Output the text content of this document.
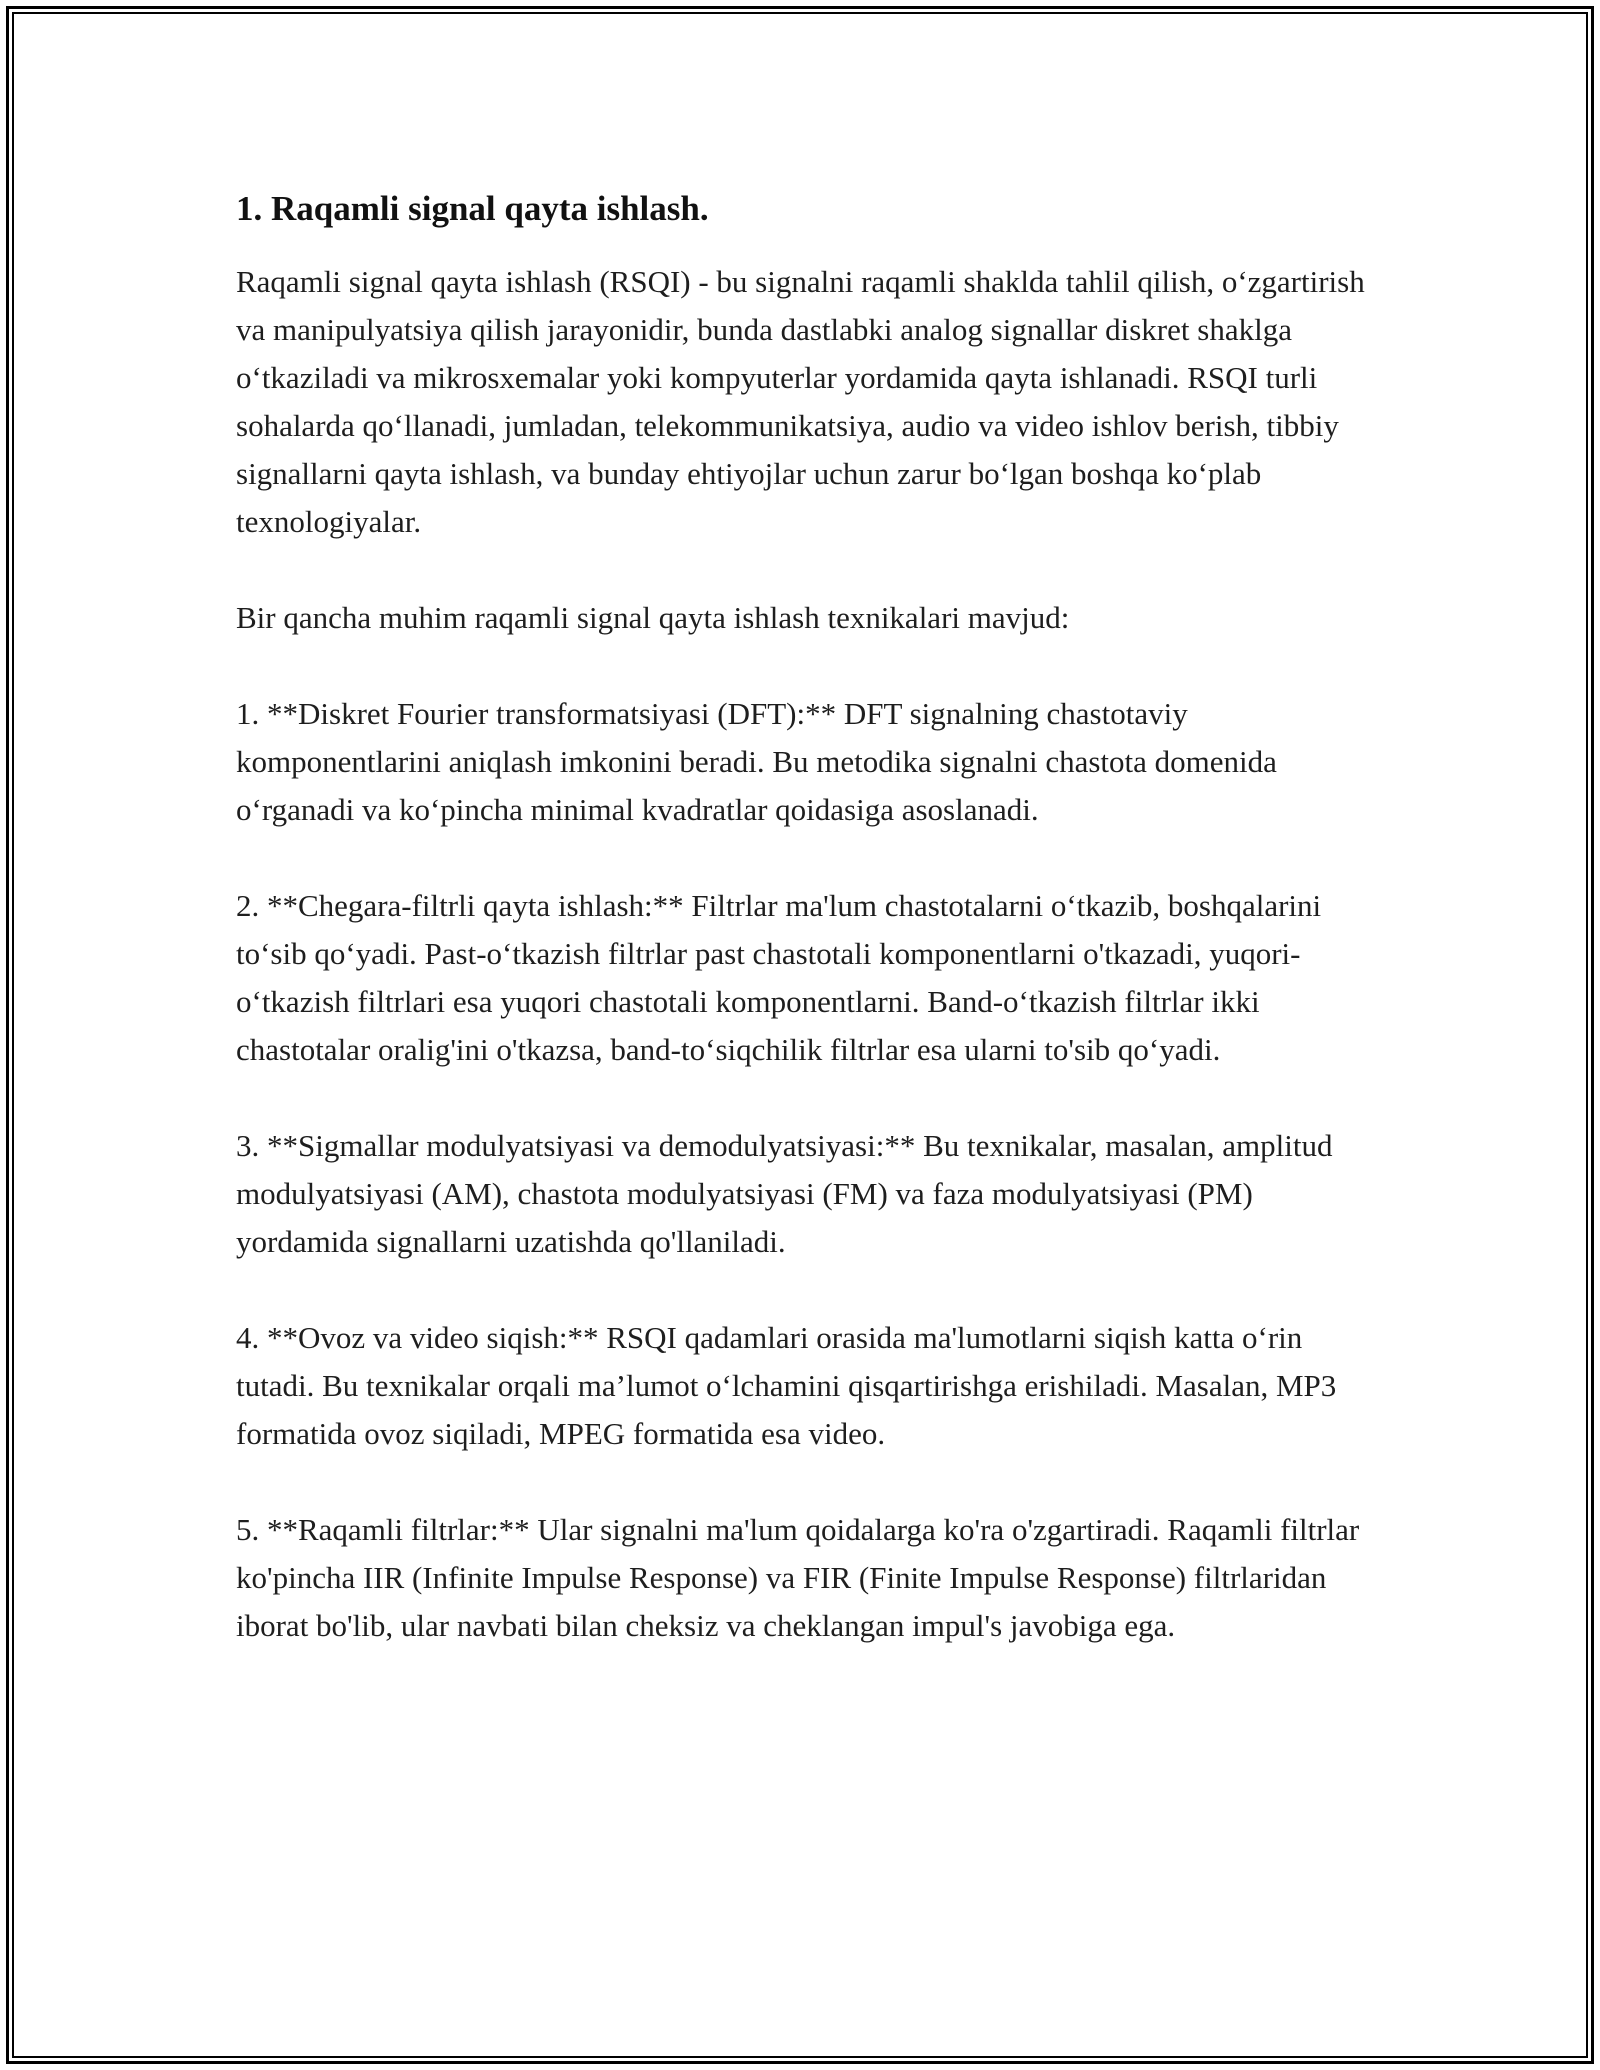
1. Raqamli signal qayta ishlash.

Raqamli signal qayta ishlash (RSQI) - bu signalni raqamli shaklda tahlil qilish, o‘zgartirish va manipulyatsiya qilish jarayonidir, bunda dastlabki analog signallar diskret shaklga o‘tkaziladi va mikrosxemalar yoki kompyuterlar yordamida qayta ishlanadi. RSQI turli sohalarda qo‘llanadi, jumladan, telekommunikatsiya, audio va video ishlov berish, tibbiy signallarni qayta ishlash, va bunday ehtiyojlar uchun zarur bo‘lgan boshqa ko‘plab texnologiyalar.

Bir qancha muhim raqamli signal qayta ishlash texnikalari mavjud:

1. **Diskret Fourier transformatsiyasi (DFT):** DFT signalning chastotaviy komponentlarini aniqlash imkonini beradi. Bu metodika signalni chastota domenida o‘rganadi va ko‘pincha minimal kvadratlar qoidasiga asoslanadi.

2. **Chegara-filtrli qayta ishlash:** Filtrlar ma'lum chastotalarni o‘tkazib, boshqalarini to‘sib qo‘yadi. Past-o‘tkazish filtrlar past chastotali komponentlarni o'tkazadi, yuqori-o‘tkazish filtrlari esa yuqori chastotali komponentlarni. Band-o‘tkazish filtrlar ikki chastotalar oralig'ini o'tkazsa, band-to‘siqchilik filtrlar esa ularni to'sib qo‘yadi.

3. **Sigmallar modulyatsiyasi va demodulyatsiyasi:** Bu texnikalar, masalan, amplitud modulyatsiyasi (AM), chastota modulyatsiyasi (FM) va faza modulyatsiyasi (PM) yordamida signallarni uzatishda qo'llaniladi.

4. **Ovoz va video siqish:** RSQI qadamlari orasida ma'lumotlarni siqish katta o‘rin tutadi. Bu texnikalar orqali ma’lumot o‘lchamini qisqartirishga erishiladi. Masalan, MP3 formatida ovoz siqiladi, MPEG formatida esa video.

5. **Raqamli filtrlar:** Ular signalni ma'lum qoidalarga ko'ra o'zgartiradi. Raqamli filtrlar ko'pincha IIR (Infinite Impulse Response) va FIR (Finite Impulse Response) filtrlaridan iborat bo'lib, ular navbati bilan cheksiz va cheklangan impul's javobiga ega.
